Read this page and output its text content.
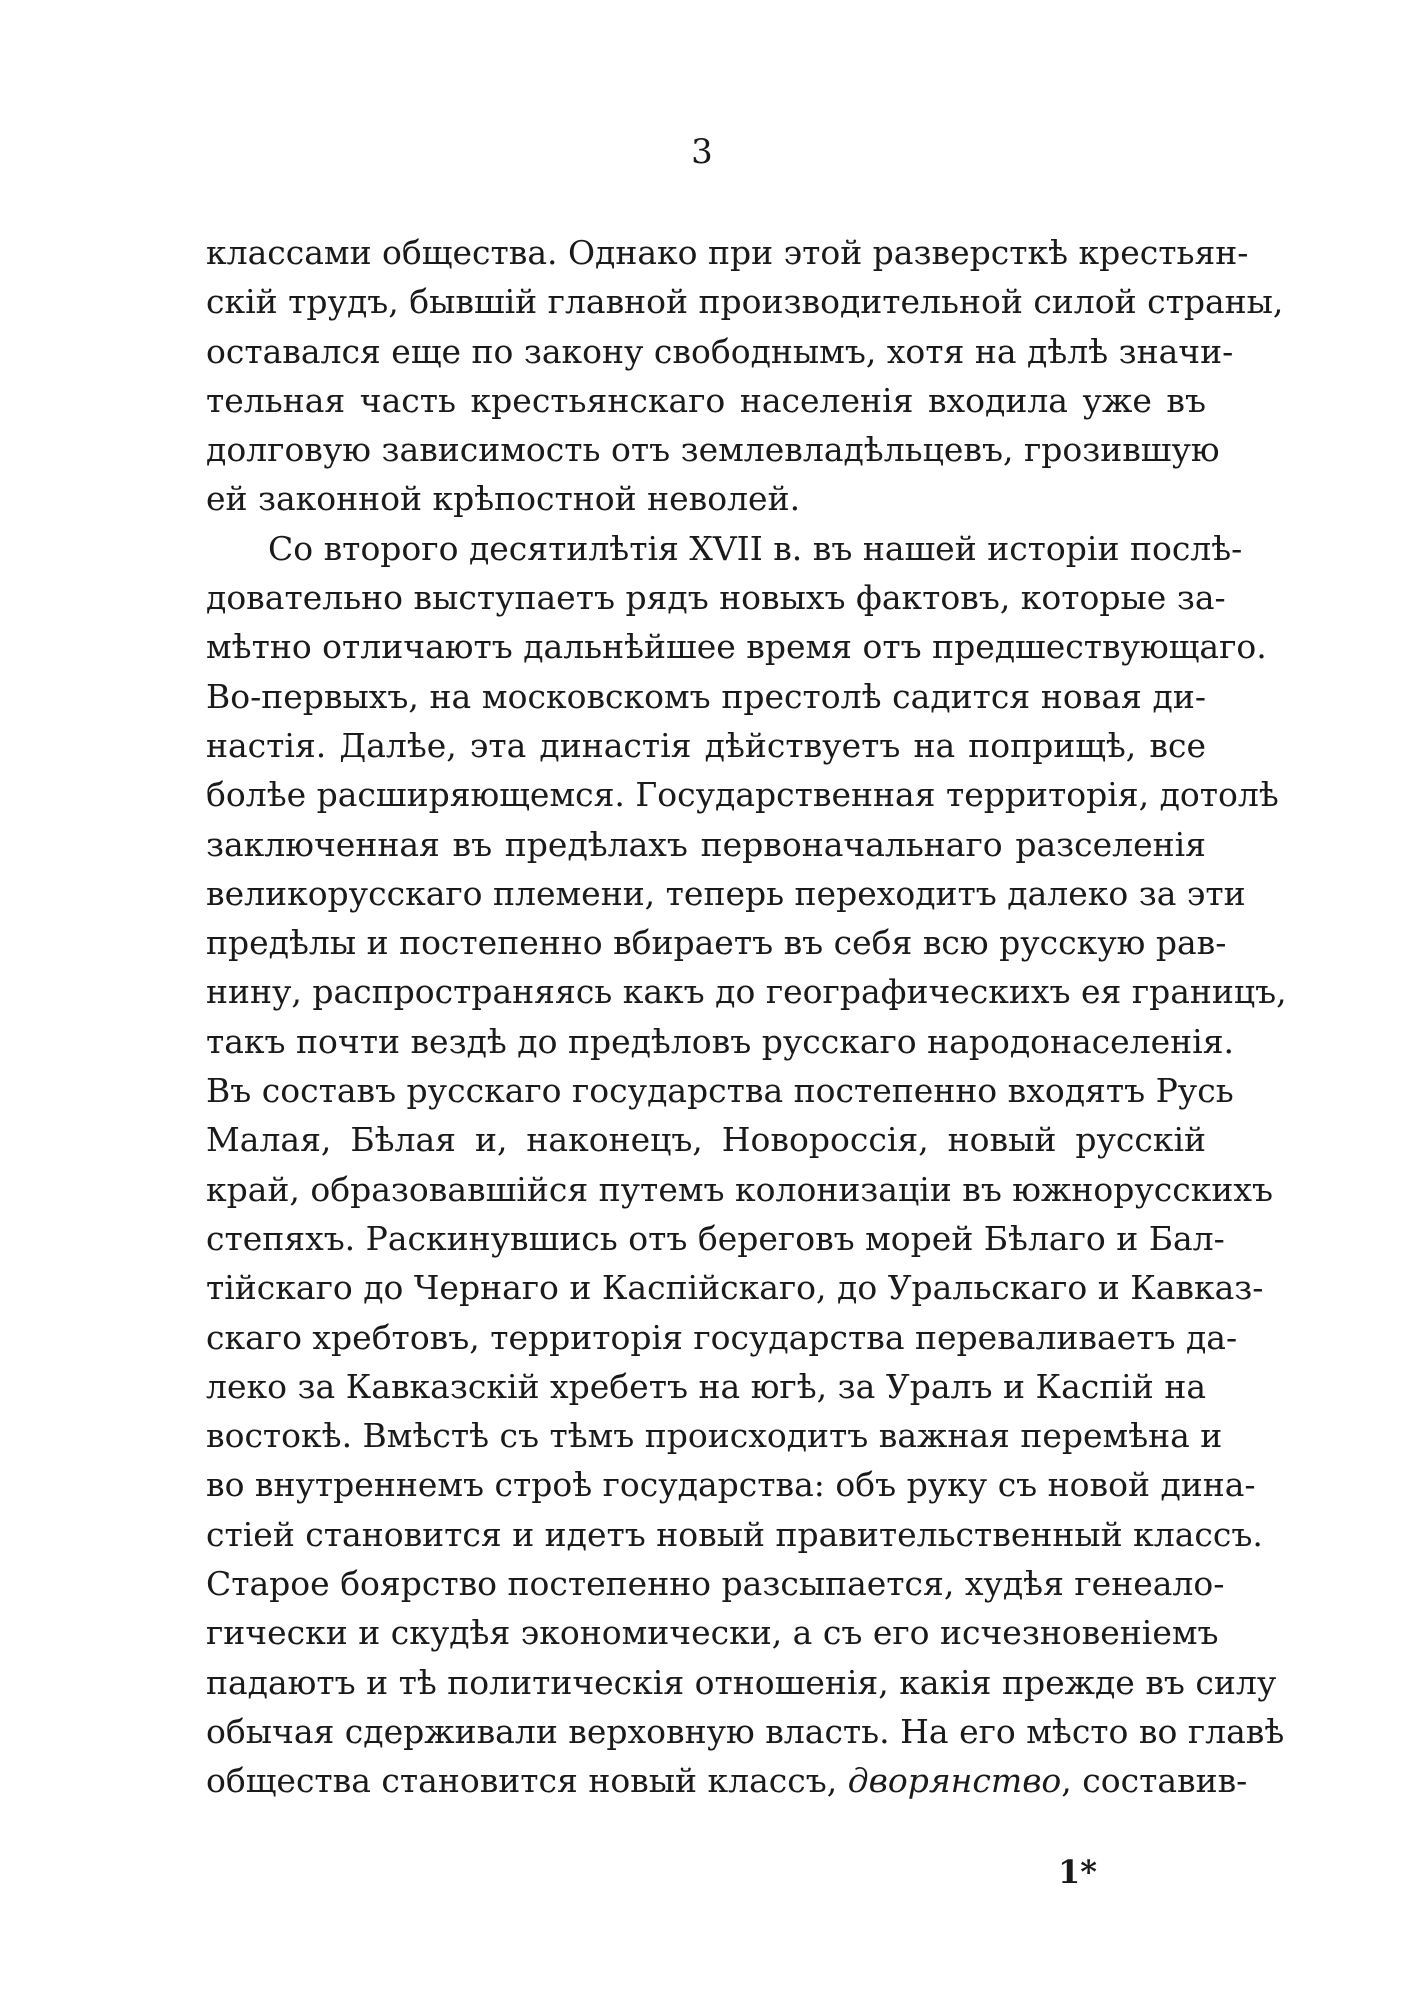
3
классами общества. Однако при этой разверсткѣ крестьян-
скій трудъ, бывшій главной производительной силой страны,
оставался еще по закону свободнымъ, хотя на дѣлѣ значи-
тельная часть крестьянскаго населенія входила уже въ
долговую зависимость отъ землевладѣльцевъ, грозившую
ей законной крѣпостной неволей.
Со второго десятилѣтія XVII в. въ нашей исторіи послѣ-
довательно выступаетъ рядъ новыхъ фактовъ, которые за-
мѣтно отличаютъ дальнѣйшее время отъ предшествующаго.
Во-первыхъ, на московскомъ престолѣ садится новая ди-
настія. Далѣе, эта династія дѣйствуетъ на поприщѣ, все
болѣе расширяющемся. Государственная территорія, дотолѣ
заключенная въ предѣлахъ первоначальнаго разселенія
великорусскаго племени, теперь переходитъ далеко за эти
предѣлы и постепенно вбираетъ въ себя всю русскую рав-
нину, распространяясь какъ до географическихъ ея границъ,
такъ почти вездѣ до предѣловъ русскаго народонаселенія.
Въ составъ русскаго государства постепенно входятъ Русь
Малая, Бѣлая и, наконецъ, Новороссія, новый русскій
край, образовавшійся путемъ колонизаціи въ южнорусскихъ
степяхъ. Раскинувшись отъ береговъ морей Бѣлаго и Бал-
тійскаго до Чернаго и Каспійскаго, до Уральскаго и Кавказ-
скаго хребтовъ, территорія государства переваливаетъ да-
леко за Кавказскій хребетъ на югѣ, за Уралъ и Каспій на
востокѣ. Вмѣстѣ съ тѣмъ происходитъ важная перемѣна и
во внутреннемъ строѣ государства: объ руку съ новой дина-
стіей становится и идетъ новый правительственный классъ.
Старое боярство постепенно разсыпается, худѣя генеало-
гически и скудѣя экономически, а съ его исчезновеніемъ
падаютъ и тѣ политическія отношенія, какія прежде въ силу
обычая сдерживали верховную власть. На его мѣсто во главѣ
общества становится новый классъ, дворянство, составив-
1*
